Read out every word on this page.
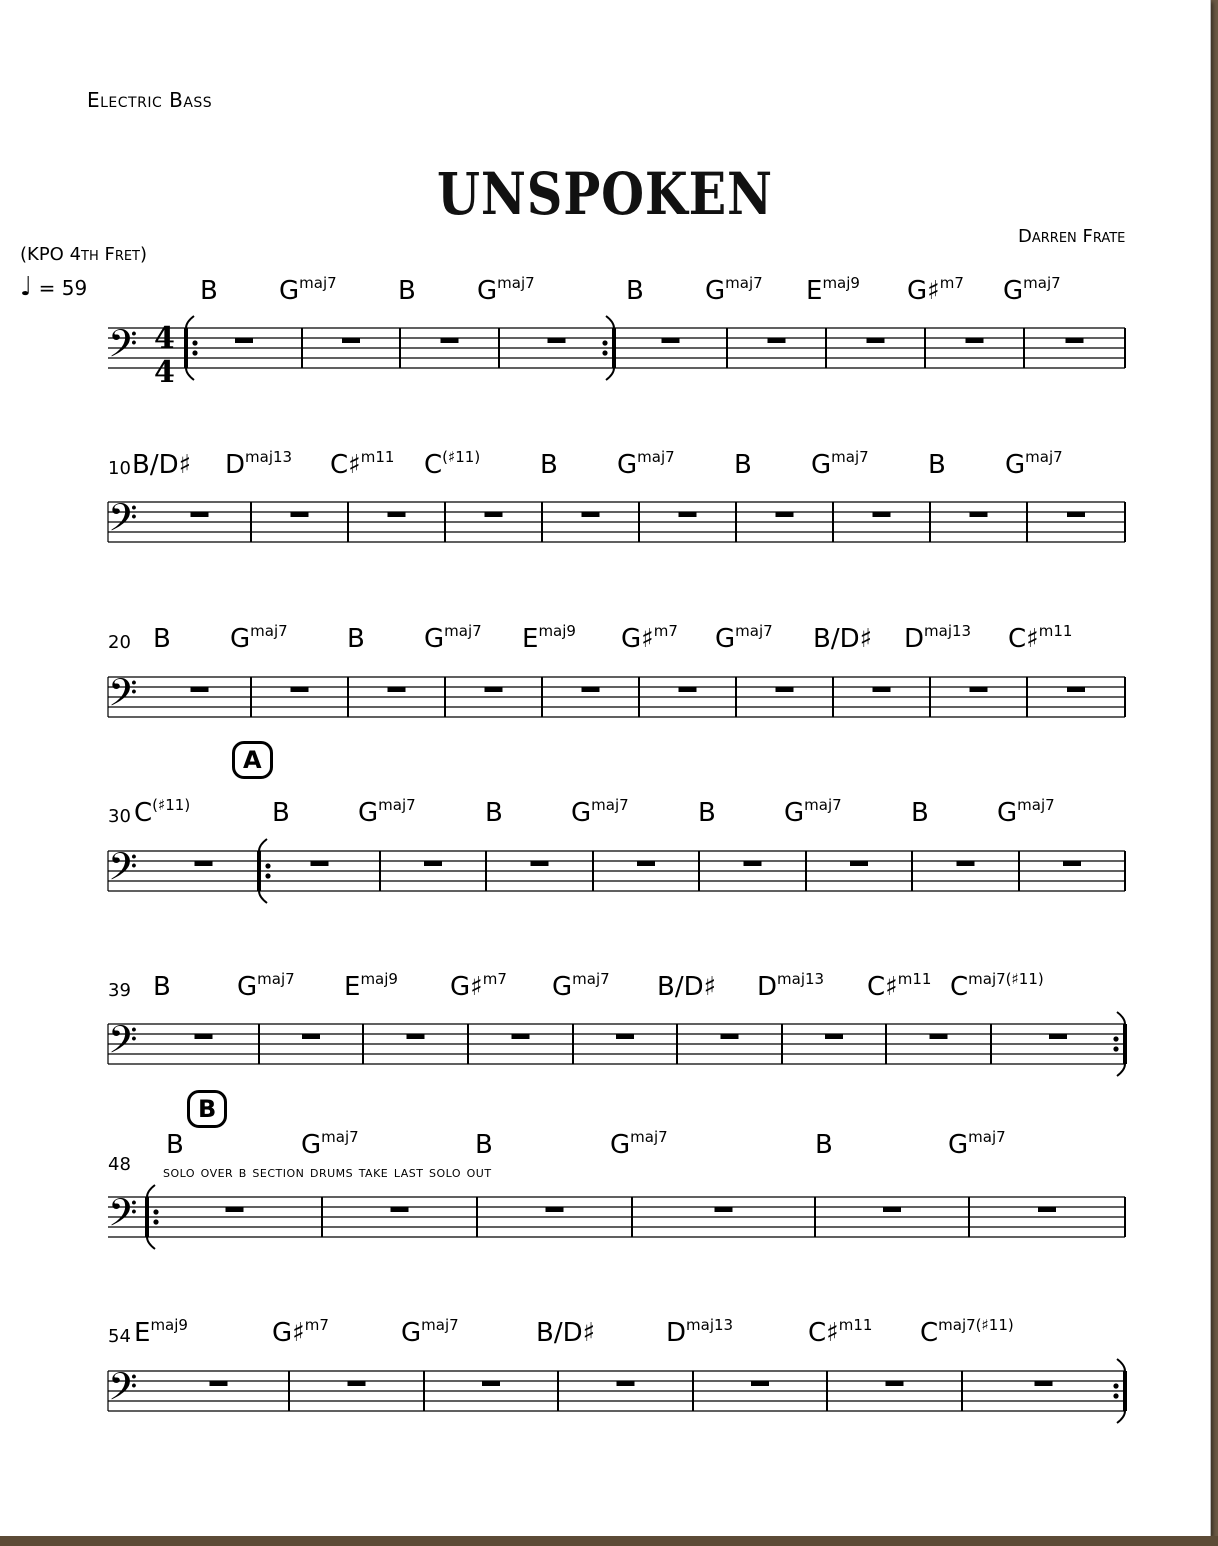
Electric Bass
UNSPOKEN
Darren Frate
(KPO 4th Fret)
♩ = 59
A
B
solo over b section drums take last solo out
B $G^{maj7}$ B $G^{maj7}$	B $G^{maj7}$ $E^{maj9}$ G♯$^{m7}$ $G^{maj7}$
B/D♯ $D^{maj13}$ C♯$^{m11}$ $C^{(♯11)}$ B $G^{maj7}$ B $G^{maj7}$ B $G^{maj7}$
B $G^{maj7}$ B $G^{maj7}$ $E^{maj9}$ G♯$^{m7}$ $G^{maj7}$ B/D♯ $D^{maj13}$ C♯$^{m11}$
$C^{(♯11)}$	B	$G^{maj7}$	B	$G^{maj7}$	B	$G^{maj7}$	B	$G^{maj7}$
B	$G^{maj7}$ $E^{maj9}$ G♯$^{m7}$ $G^{maj7}$ B/D♯ $D^{maj13}$ C♯$^{m11}$ $C^{maj7(♯11)}$
B	$G^{maj7}$	B	$G^{maj7}$	B	$G^{maj7}$
$E^{maj9}$	G♯$^{m7}$	$G^{maj7}$	B/D♯	$D^{maj13}$	C♯$^{m11}$ $C^{maj7(♯11)}$
10
20
30
39
48
54
𝄢 4
4
𝄢
𝄢
𝄢
𝄢
𝄢
𝄢
